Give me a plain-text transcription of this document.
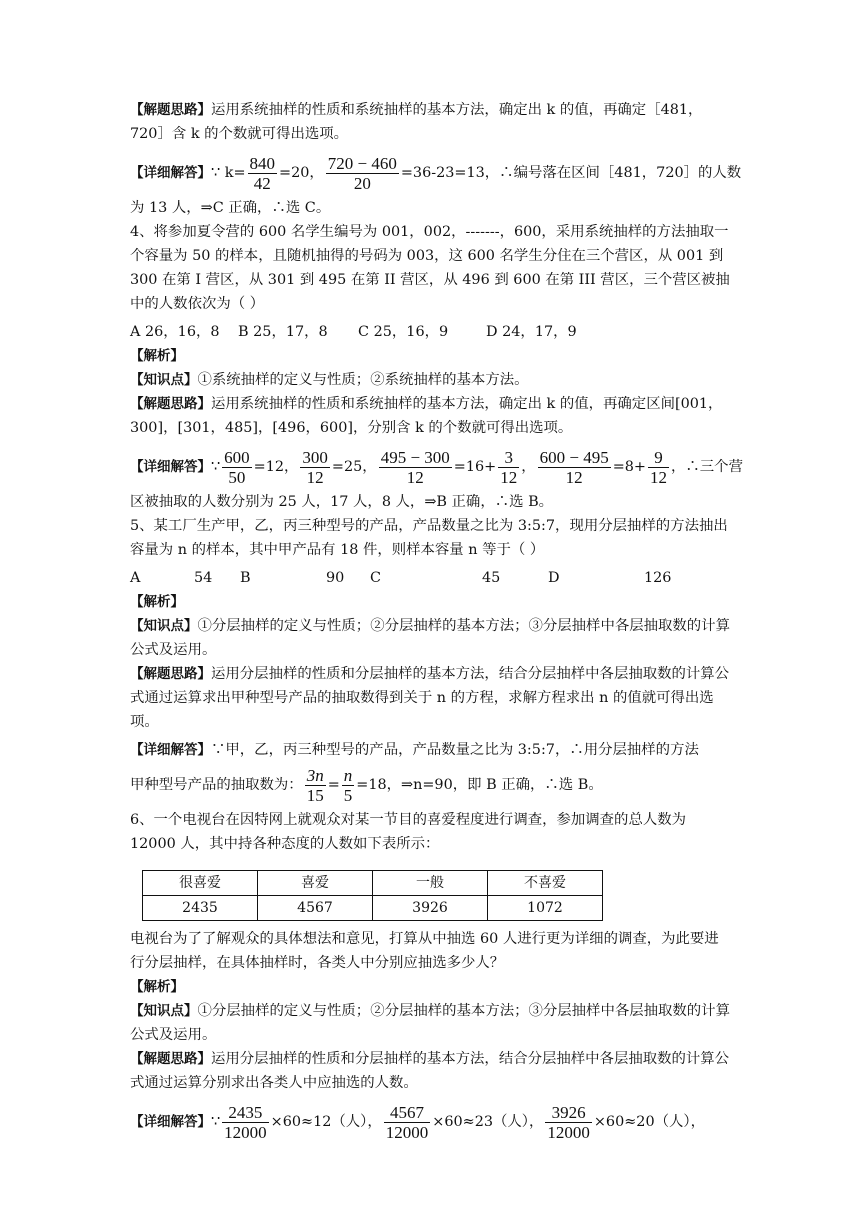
【解题思路】运用系统抽样的性质和系统抽样的基本方法，确定出 k 的值，再确定［481，720］含 k 的个数就可得出选项。

【详细解答】 ∵ $k= \frac{840}{42} =20$， $\frac{720 - 460}{20} =36-23=13$，∴编号落在区间［481，720］的人数

为 13 人，⇒C 正确，∴选 C。

4、将参加夏令营的 600 名学生编号为 001，002，-------，600，采用系统抽样的方法抽取一个容量为 50 的样本，且随机抽得的号码为 003，这 600 名学生分住在三个营区，从 001 到 300 在第 I 营区，从 301 到 495 在第 II 营区，从 496 到 600 在第 III 营区，三个营区被抽中的人数依次为（ ）

A 26，16，8	B 25，17，8	C 25，16，9	D 24，17，9

【解析】

【知识点】①系统抽样的定义与性质；②系统抽样的基本方法。

【解题思路】运用系统抽样的性质和系统抽样的基本方法，确定出 k 的值，再确定区间[001，300]，[301，485]，[496，600]，分别含 k 的个数就可得出选项。

【详细解答】 ∵ $\frac{600}{50} =12$， $\frac{300}{12} =25$， $\frac{495 - 300}{12} =16+ \frac{3}{12}$ ， $\frac{600 - 495}{12} =8+ \frac{9}{12}$ ，∴三个营

区被抽取的人数分别为 25 人，17 人，8 人，⇒B 正确，∴选 B。

5、某工厂生产甲，乙，丙三种型号的产品，产品数量之比为 3:5:7，现用分层抽样的方法抽出容量为 n 的样本，其中甲产品有 18 件，则样本容量 n 等于（ ）

A	54	B	90	C	45	D	126

【解析】

【知识点】①分层抽样的定义与性质；②分层抽样的基本方法；③分层抽样中各层抽取数的计算公式及运用。

【解题思路】运用分层抽样的性质和分层抽样的基本方法，结合分层抽样中各层抽取数的计算公式通过运算求出甲种型号产品的抽取数得到关于 n 的方程，求解方程求出 n 的值就可得出选项。

【详细解答】∵甲，乙，丙三种型号的产品，产品数量之比为 3:5:7，∴用分层抽样的方法

甲种型号产品的抽取数为： $\frac{3n}{15} = \frac{n}{5} =18$，⇒n=90，即 B 正确，∴选 B。

6、一个电视台在因特网上就观众对某一节目的喜爱程度进行调查，参加调查的总人数为 12000 人，其中持各种态度的人数如下表所示：

很喜爱	喜爱	一般	不喜爱
2435	4567	3926	1072

电视台为了了解观众的具体想法和意见，打算从中抽选 60 人进行更为详细的调查，为此要进行分层抽样，在具体抽样时，各类人中分别应抽选多少人？

【解析】

【知识点】①分层抽样的定义与性质；②分层抽样的基本方法；③分层抽样中各层抽取数的计算公式及运用。

【解题思路】运用分层抽样的性质和分层抽样的基本方法，结合分层抽样中各层抽取数的计算公式通过运算分别求出各类人中应抽选的人数。

【详细解答】 ∵ $\frac{2435}{12000} \times 60\approx 12$（人）， $\frac{4567}{12000} \times 60\approx 23$（人）， $\frac{3926}{12000} \times 60\approx 20$（人），
